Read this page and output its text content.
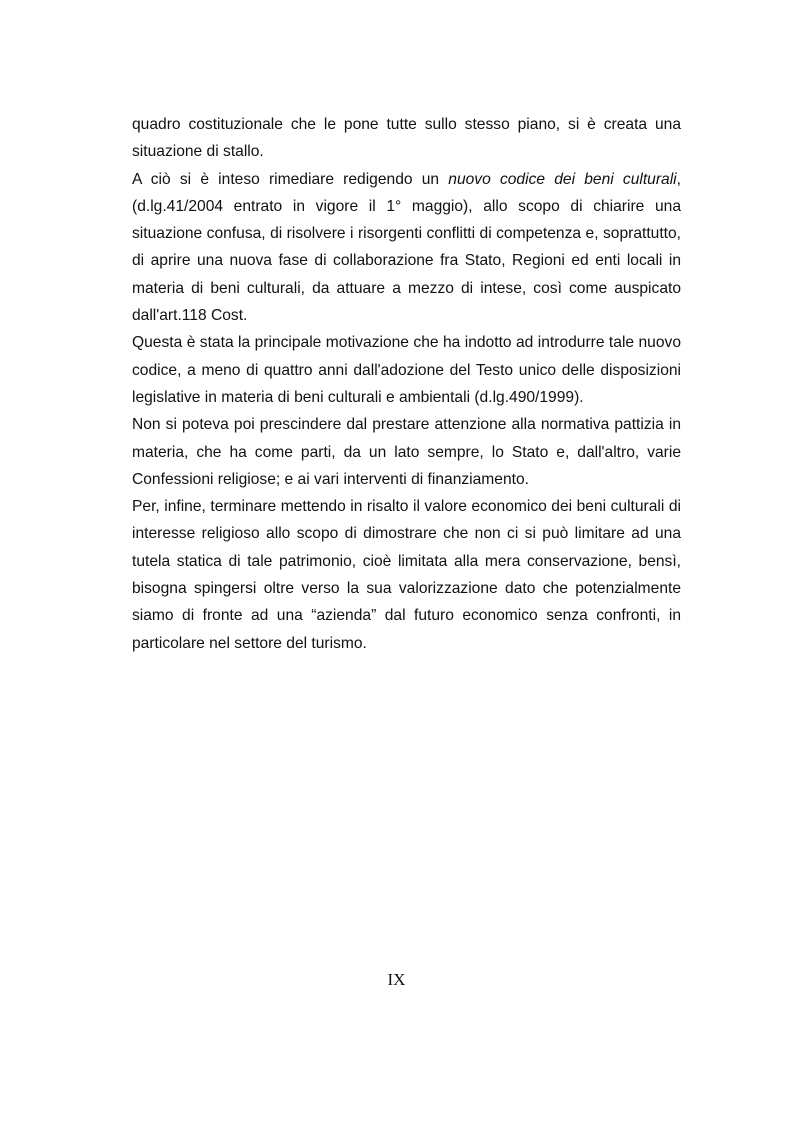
quadro costituzionale che le pone tutte sullo stesso piano, si è creata una situazione di stallo.

A ciò si è inteso rimediare redigendo un nuovo codice dei beni culturali, (d.lg.41/2004 entrato in vigore il 1° maggio), allo scopo di chiarire una situazione confusa, di risolvere i risorgenti conflitti di competenza e, soprattutto, di aprire una nuova fase di collaborazione fra Stato, Regioni ed enti locali in materia di beni culturali, da attuare a mezzo di intese, così come auspicato dall'art.118 Cost.

Questa è stata la principale motivazione che ha indotto ad introdurre tale nuovo codice, a meno di quattro anni dall'adozione del Testo unico delle disposizioni legislative in materia di beni culturali e ambientali (d.lg.490/1999).

Non si poteva poi prescindere dal prestare attenzione alla normativa pattizia in materia, che ha come parti, da un lato sempre, lo Stato e, dall'altro, varie Confessioni religiose; e ai vari interventi di finanziamento.

Per, infine, terminare mettendo in risalto il valore economico dei beni culturali di interesse religioso allo scopo di dimostrare che non ci si può limitare ad una tutela statica di tale patrimonio, cioè limitata alla mera conservazione, bensì, bisogna spingersi oltre verso la sua valorizzazione dato che potenzialmente siamo di fronte ad una “azienda” dal futuro economico senza confronti, in particolare nel settore del turismo.

IX
